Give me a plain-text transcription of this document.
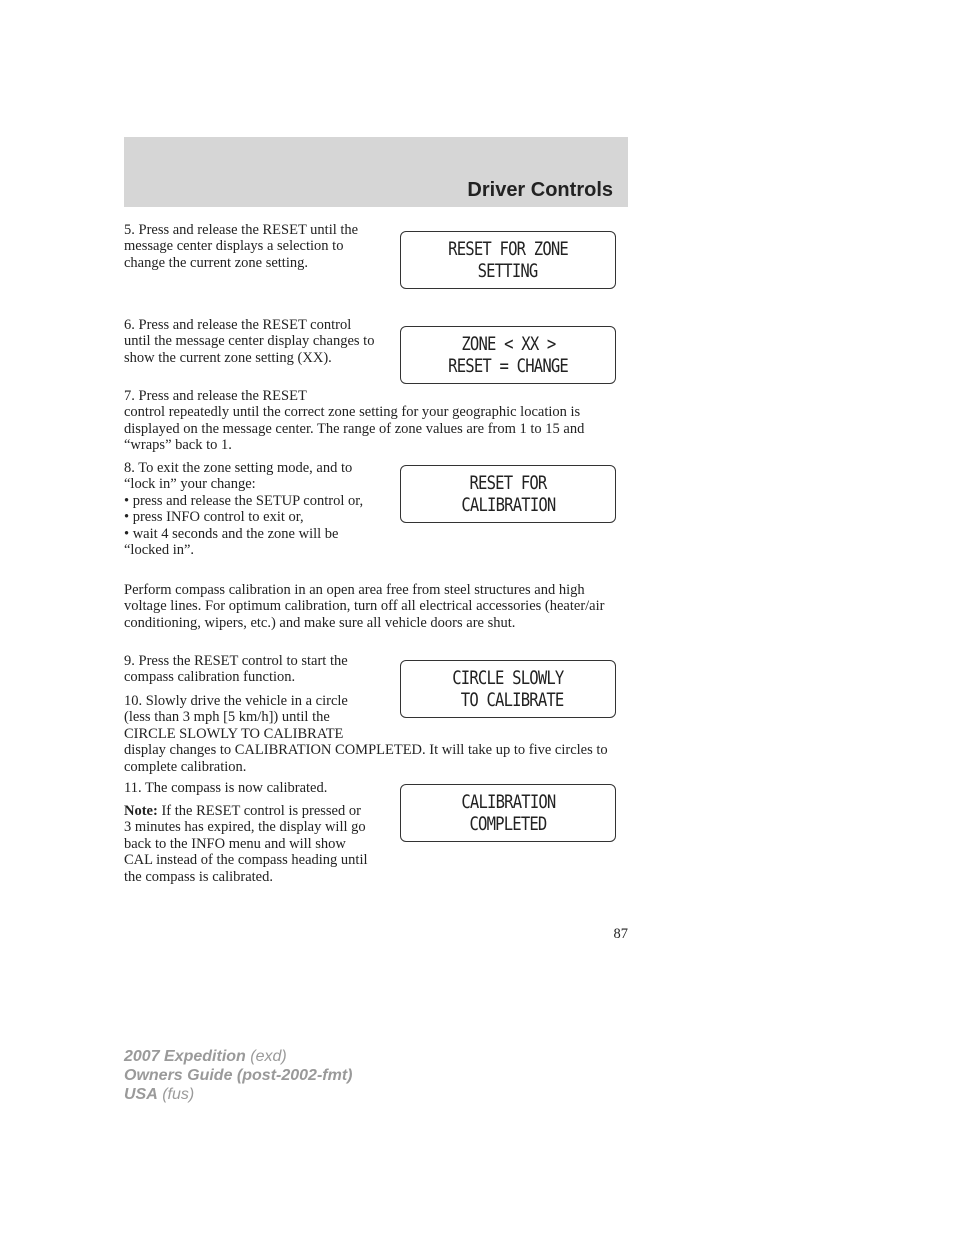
Driver Controls

5. Press and release the RESET until the message center displays a selection to change the current zone setting.

RESET FOR ZONE
SETTING

6. Press and release the RESET control until the message center display changes to show the current zone setting (XX).

ZONE < XX >
RESET = CHANGE

7. Press and release the RESET control repeatedly until the correct zone setting for your geographic location is displayed on the message center. The range of zone values are from 1 to 15 and “wraps” back to 1.

8. To exit the zone setting mode, and to “lock in” your change:
• press and release the SETUP control or,
• press INFO control to exit or,
• wait 4 seconds and the zone will be “locked in”.
RESET FOR
CALIBRATION

Perform compass calibration in an open area free from steel structures and high voltage lines. For optimum calibration, turn off all electrical accessories (heater/air conditioning, wipers, etc.) and make sure all vehicle doors are shut.

9. Press the RESET control to start the compass calibration function.	CIRCLE SLOWLY
TO CALIBRATE

10. Slowly drive the vehicle in a circle (less than 3 mph [5 km/h]) until the CIRCLE SLOWLY TO CALIBRATE display changes to CALIBRATION COMPLETED. It will take up to five circles to complete calibration.

11. The compass is now calibrated.

Note: If the RESET control is pressed or 3 minutes has expired, the display will go back to the INFO menu and will show CAL instead of the compass heading until the compass is calibrated.

CALIBRATION
COMPLETED
87
2007 Expedition (exd)
Owners Guide (post-2002-fmt)
USA (fus)
